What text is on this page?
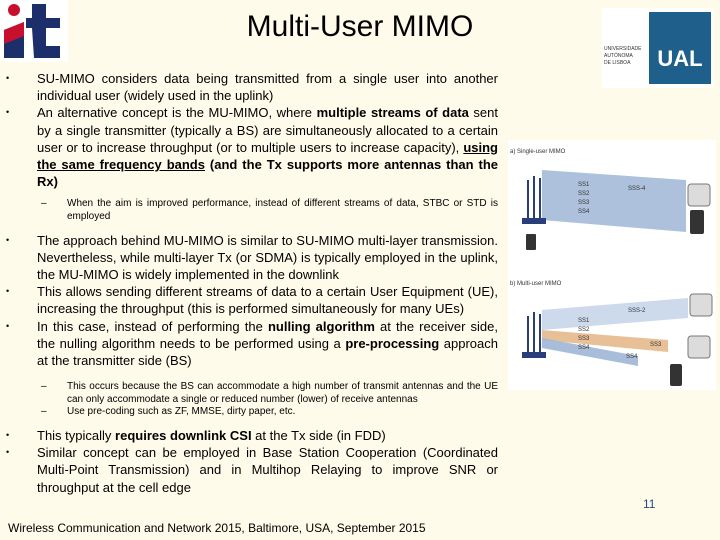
UAL
UNIVERSIDADE
AUTÓNOMA
DE LISBOA
Multi-User MIMO
• SU-MIMO considers data being transmitted from a single user into another individual user (widely used in the uplink)
• An alternative concept is the MU-MIMO, where multiple streams of data sent by a single transmitter (typically a BS) are simultaneously allocated to a certain user or to increase throughput (or to multiple users to increase capacity), using the same frequency bands (and the Tx supports more antennas than the Rx)
– When the aim is improved performance, instead of different streams of data, STBC or STD is employed
• The approach behind MU-MIMO is similar to SU-MIMO multi-layer transmission. Nevertheless, while multi-layer Tx (or SDMA) is typically employed in the uplink, the MU-MIMO is widely implemented in the downlink
• This allows sending different streams of data to a certain User Equipment (UE), increasing the throughput (this is performed simultaneously for many UEs)
• In this case, instead of performing the nulling algorithm at the receiver side, the nulling algorithm needs to be performed using a pre-processing approach at the transmitter side (BS)
– This occurs because the BS can accommodate a high number of transmit antennas and the UE can only accommodate a single or reduced number (lower) of receive antennas
– Use pre-coding such as ZF, MMSE, dirty paper, etc.
• This typically requires downlink CSI at the Tx side (in FDD)
• Similar concept can be employed in Base Station Cooperation (Coordinated Multi-Point Transmission) and in Multihop Relaying to improve SNR or throughput at the cell edge
a) Single-user MIMO
SS1
SS2
SS3
SS4
SSS-4
b) Multi-user MIMO
SS1
SS2
SS3
SS4
SSS-2
SS3
SS4
11
Wireless Communication and Network 2015, Baltimore, USA, September 2015
